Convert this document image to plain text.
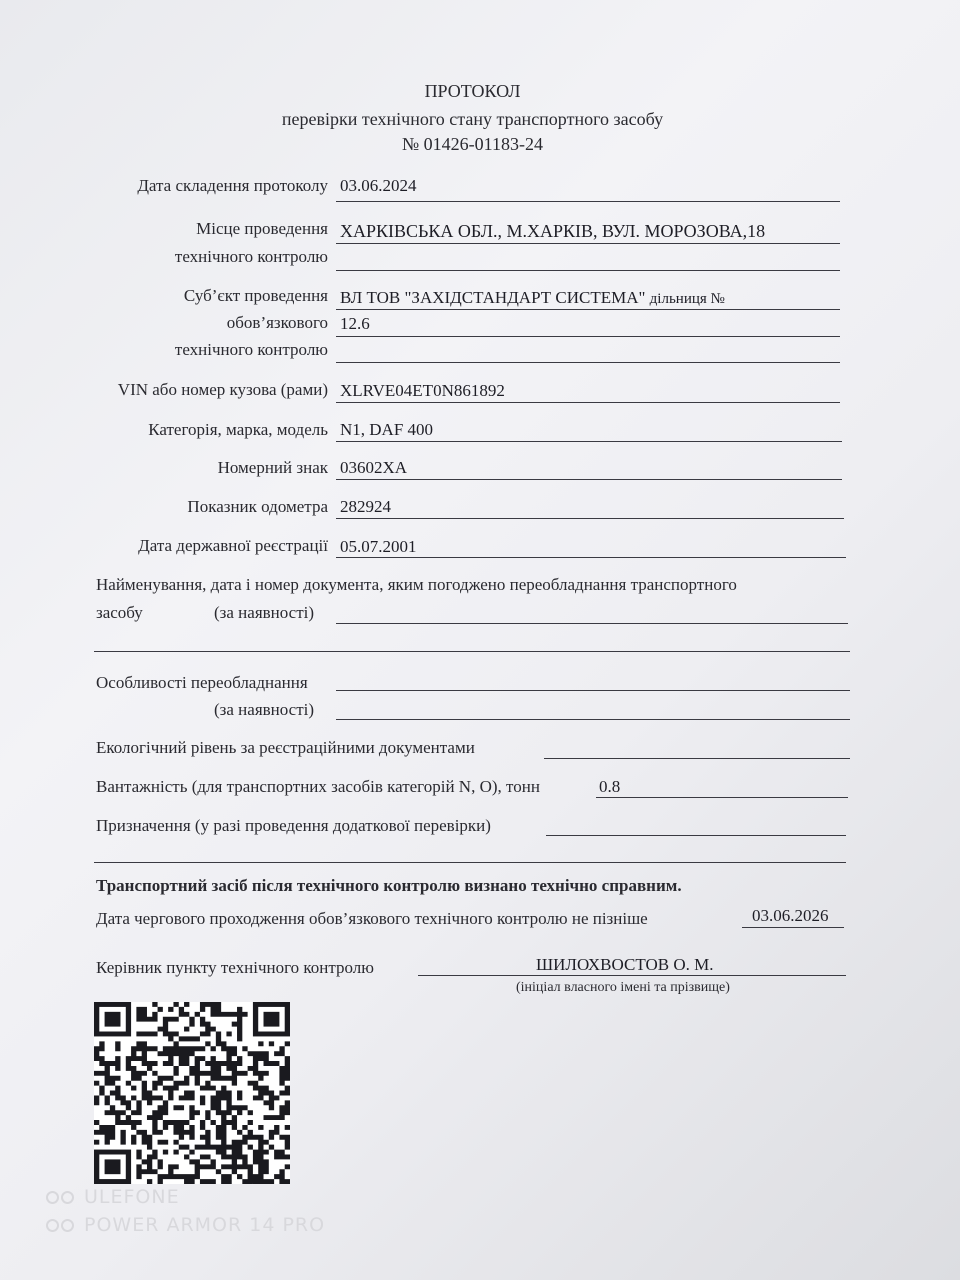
ПРОТОКОЛ
перевірки технічного стану транспортного засобу
№ 01426-01183-24
Дата складення протоколу 03.06.2024
Місце проведення
технічного контролю
ХАРКІВСЬКА ОБЛ., М.ХАРКІВ, ВУЛ. МОРОЗОВА,18
Суб’єкт проведення
обов’язкового
технічного контролю
ВЛ ТОВ "ЗАХІДСТАНДАРТ СИСТЕМА" дільниця №
12.6
VIN або номер кузова (рами) XLRVE04ET0N861892
Категорія, марка, модель N1, DAF 400
Номерний знак 03602ХА
Показник одометра 282924
Дата державної реєстрації 05.07.2001
Найменування, дата і номер документа, яким погоджено переобладнання транспортного
засобу	(за наявності)
Особливості переобладнання
(за наявності)
Екологічний рівень за реєстраційними документами
Вантажність (для транспортних засобів категорій N, O), тонн	0.8
Призначення (у разі проведення додаткової перевірки)
Транспортний засіб після технічного контролю визнано технічно справним.
Дата чергового проходження обов’язкового технічного контролю не пізніше	03.06.2026
Керівник пункту технічного контролю	ШИЛОХВОСТОВ О. М.
(ініціал власного імені та прізвище)
ULEFONE
POWER ARMOR 14 PRO
